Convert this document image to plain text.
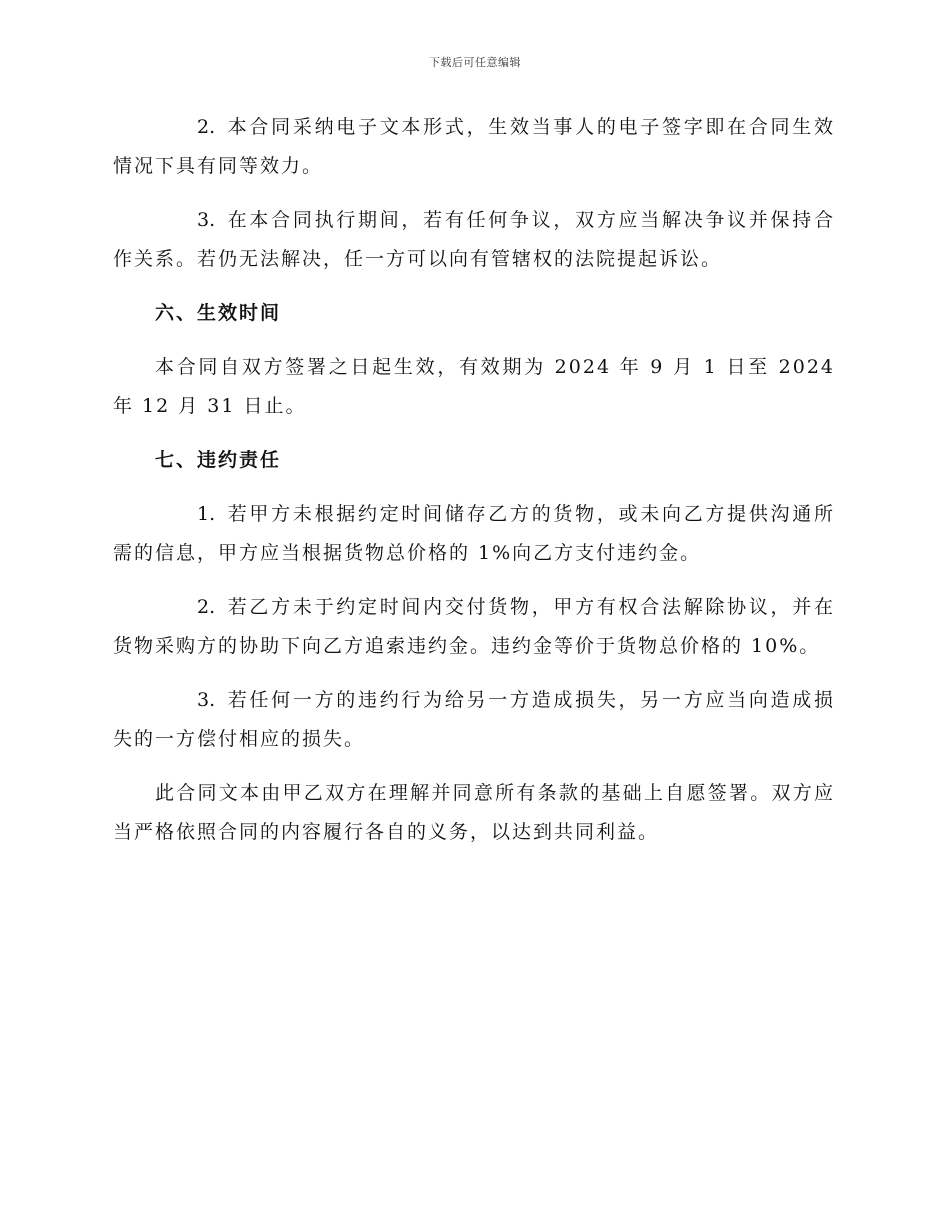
下载后可任意编辑

2. 本合同采纳电子文本形式，生效当事人的电子签字即在合同生效情况下具有同等效力。

3. 在本合同执行期间，若有任何争议，双方应当解决争议并保持合作关系。若仍无法解决，任一方可以向有管辖权的法院提起诉讼。

六、生效时间

本合同自双方签署之日起生效，有效期为 2024 年 9 月 1 日至 2024 年 12 月 31 日止。

七、违约责任

1. 若甲方未根据约定时间储存乙方的货物，或未向乙方提供沟通所需的信息，甲方应当根据货物总价格的 1%向乙方支付违约金。

2. 若乙方未于约定时间内交付货物，甲方有权合法解除协议，并在货物采购方的协助下向乙方追索违约金。违约金等价于货物总价格的 10%。

3. 若任何一方的违约行为给另一方造成损失，另一方应当向造成损失的一方偿付相应的损失。

此合同文本由甲乙双方在理解并同意所有条款的基础上自愿签署。双方应当严格依照合同的内容履行各自的义务，以达到共同利益。
